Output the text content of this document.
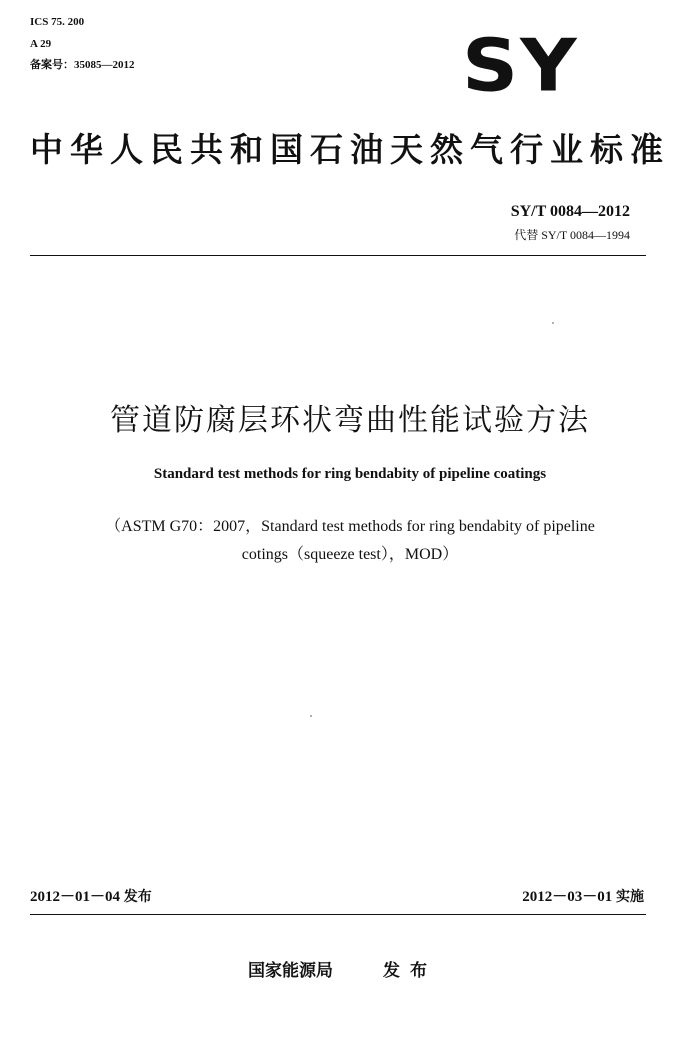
ICS 75. 200
A 29
备案号：35085—2012	SY
中华人民共和国石油天然气行业标准
SY/T 0084—2012
代替 SY/T 0084—1994
管道防腐层环状弯曲性能试验方法
Standard test methods for ring bendabity of pipeline coatings
（ASTM G70：2007，Standard test methods for ring bendabity of pipeline
cotings（squeeze test），MOD）
2012－01－04 发布	2012－03－01 实施
国家能源局	发布
